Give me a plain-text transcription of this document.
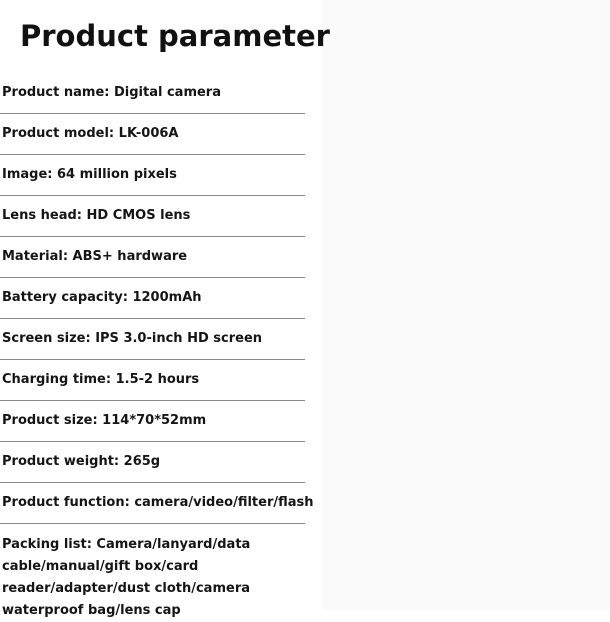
Product parameter
Product name: Digital camera
Product model: LK-006A
Image: 64 million pixels
Lens head: HD CMOS lens
Material: ABS+ hardware
Battery capacity: 1200mAh
Screen size: IPS 3.0-inch HD screen
Charging time: 1.5-2 hours
Product size: 114*70*52mm
Product weight: 265g
Product function: camera/video/filter/flash
Packing list: Camera/lanyard/data cable/manual/gift box/card reader/adapter/dust cloth/camera waterproof bag/lens cap
